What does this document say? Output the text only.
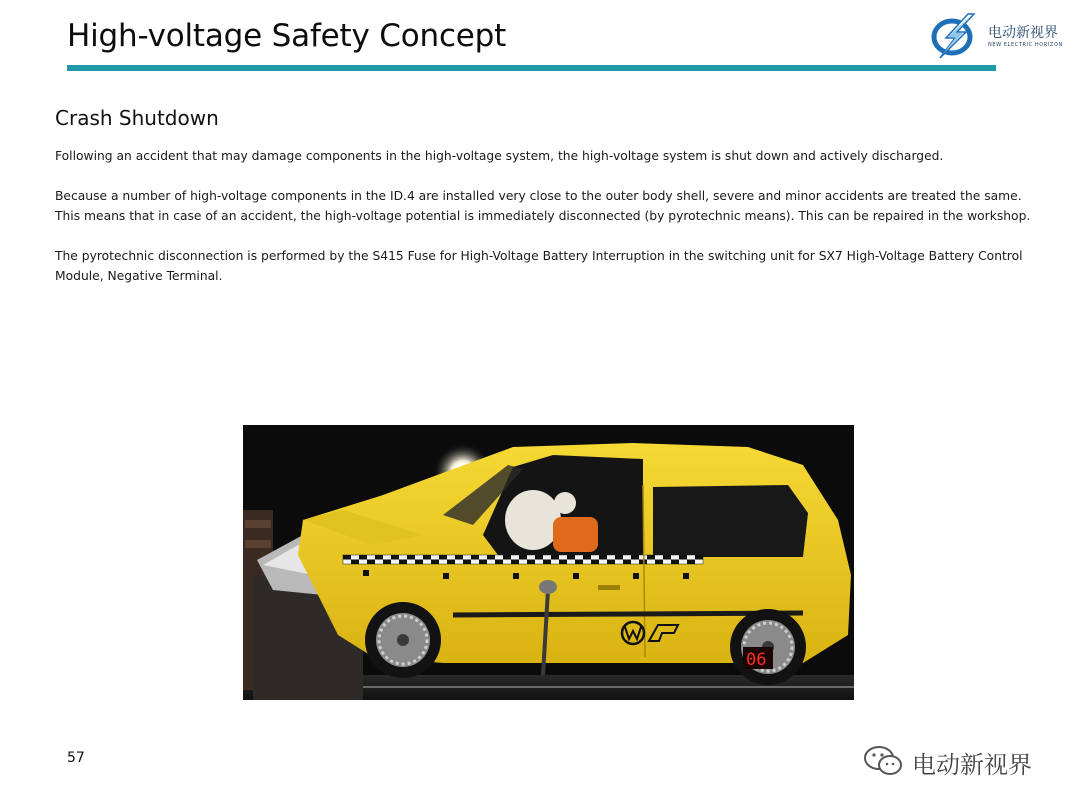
High-voltage Safety Concept	电动新视界
NEW ELECTRIC HORIZON
Crash Shutdown

Following an accident that may damage components in the high-voltage system, the high-voltage system is shut down and actively discharged.

Because a number of high-voltage components in the ID.4 are installed very close to the outer body shell, severe and minor accidents are treated the same.
This means that in case of an accident, the high-voltage potential is immediately disconnected (by pyrotechnic means). This can be repaired in the workshop.

The pyrotechnic disconnection is performed by the S415 Fuse for High-Voltage Battery Interruption in the switching unit for SX7 High-Voltage Battery Control
Module, Negative Terminal.

06
57	电动新视界
